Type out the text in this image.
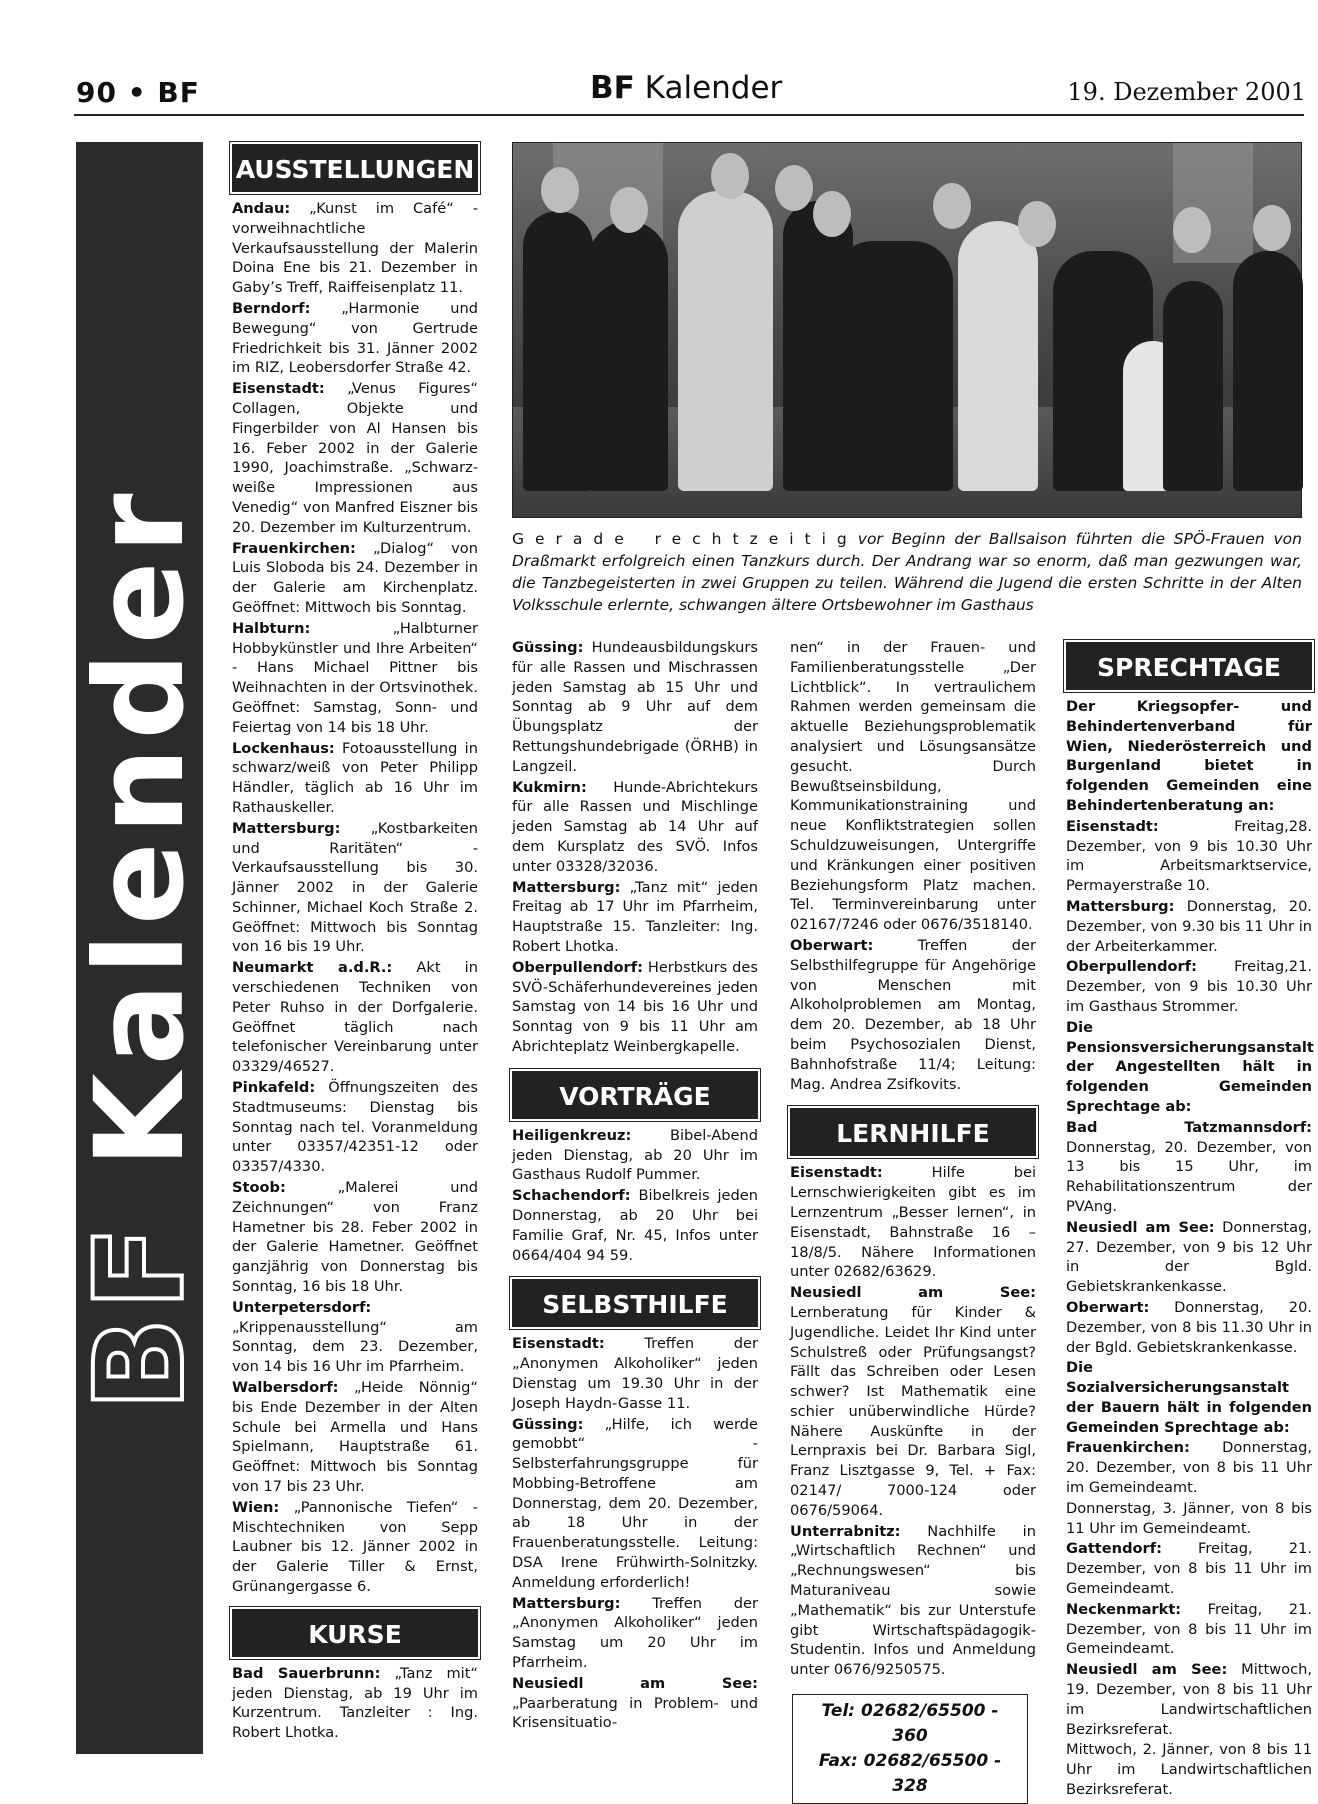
90 • BF	BF Kalender	19. Dezember 2001
BF Kalender
AUSSTELLUNGEN

Andau: „Kunst im Café“ - vorweihnachtliche Verkaufsausstellung der Malerin Doina Ene bis 21. Dezember in Gaby’s Treff, Raiffeisenplatz 11.

Berndorf: „Harmonie und Bewegung“ von Gertrude Friedrichkeit bis 31. Jänner 2002 im RIZ, Leobersdorfer Straße 42.

Eisenstadt: „Venus Figures“ Collagen, Objekte und Fingerbilder von Al Hansen bis 16. Feber 2002 in der Galerie 1990, Joachimstraße. „Schwarz-weiße Impressionen aus Venedig“ von Manfred Eiszner bis 20. Dezember im Kulturzentrum.

Frauenkirchen: „Dialog“ von Luis Sloboda bis 24. Dezember in der Galerie am Kirchenplatz. Geöffnet: Mittwoch bis Sonntag.

Halbturn: „Halbturner Hobbykünstler und Ihre Arbeiten“ - Hans Michael Pittner bis Weihnachten in der Ortsvinothek. Geöffnet: Samstag, Sonn- und Feiertag von 14 bis 18 Uhr.

Lockenhaus: Fotoausstellung in schwarz/weiß von Peter Philipp Händler, täglich ab 16 Uhr im Rathauskeller.

Mattersburg: „Kostbarkeiten und Raritäten“ - Verkaufsausstellung bis 30. Jänner 2002 in der Galerie Schinner, Michael Koch Straße 2. Geöffnet: Mittwoch bis Sonntag von 16 bis 19 Uhr.

Neumarkt a.d.R.: Akt in verschiedenen Techniken von Peter Ruhso in der Dorfgalerie. Geöffnet täglich nach telefonischer Vereinbarung unter 03329/46527.

Pinkafeld: Öffnungszeiten des Stadtmuseums: Dienstag bis Sonntag nach tel. Voranmeldung unter 03357/42351-12 oder 03357/4330.

Stoob: „Malerei und Zeichnungen“ von Franz Hametner bis 28. Feber 2002 in der Galerie Hametner. Geöffnet ganzjährig von Donnerstag bis Sonntag, 16 bis 18 Uhr.

Unterpetersdorf: „Krippenausstellung“ am Sonntag, dem 23. Dezember, von 14 bis 16 Uhr im Pfarrheim.

Walbersdorf: „Heide Nönnig“ bis Ende Dezember in der Alten Schule bei Armella und Hans Spielmann, Hauptstraße 61. Geöffnet: Mittwoch bis Sonntag von 17 bis 23 Uhr.

Wien: „Pannonische Tiefen“ - Mischtechniken von Sepp Laubner bis 12. Jänner 2002 in der Galerie Tiller & Ernst, Grünangergasse 6.

KURSE

Bad Sauerbrunn: „Tanz mit“ jeden Dienstag, ab 19 Uhr im Kurzentrum. Tanzleiter : Ing. Robert Lhotka.

Gerade rechtzeitigvor Beginn der Ballsaison führten die SPÖ-Frauen von Draßmarkt erfolgreich einen Tanzkurs durch. Der Andrang war so enorm, daß man gezwungen war, die Tanzbegeisterten in zwei Gruppen zu teilen. Während die Jugend die ersten Schritte in der Alten Volksschule erlernte, schwangen ältere Ortsbewohner im Gasthaus

Güssing: Hundeausbildungskurs für alle Rassen und Mischrassen jeden Samstag ab 15 Uhr und Sonntag ab 9 Uhr auf dem Übungsplatz der Rettungshundebrigade (ÖRHB) in Langzeil.

Kukmirn: Hunde-Abrichtekurs für alle Rassen und Mischlinge jeden Samstag ab 14 Uhr auf dem Kursplatz des SVÖ. Infos unter 03328/32036.

Mattersburg: „Tanz mit“ jeden Freitag ab 17 Uhr im Pfarrheim, Hauptstraße 15. Tanzleiter: Ing. Robert Lhotka.

Oberpullendorf: Herbstkurs des SVÖ-Schäferhundevereines jeden Samstag von 14 bis 16 Uhr und Sonntag von 9 bis 11 Uhr am Abrichteplatz Weinbergkapelle.

VORTRÄGE

Heiligenkreuz: Bibel-Abend jeden Dienstag, ab 20 Uhr im Gasthaus Rudolf Pummer.

Schachendorf: Bibelkreis jeden Donnerstag, ab 20 Uhr bei Familie Graf, Nr. 45, Infos unter 0664/404 94 59.

SELBSTHILFE

Eisenstadt: Treffen der „Anonymen Alkoholiker“ jeden Dienstag um 19.30 Uhr in der Joseph Haydn-Gasse 11.

Güssing: „Hilfe, ich werde gemobbt“ - Selbsterfahrungsgruppe für Mobbing-Betroffene am Donnerstag, dem 20. Dezember, ab 18 Uhr in der Frauenberatungsstelle. Leitung: DSA Irene Frühwirth-Solnitzky. Anmeldung erforderlich!

Mattersburg: Treffen der „Anonymen Alkoholiker“ jeden Samstag um 20 Uhr im Pfarrheim.

Neusiedl am See: „Paarberatung in Problem- und Krisensituatio-

nen“ in der Frauen- und Familienberatungsstelle „Der Lichtblick“. In vertraulichem Rahmen werden gemeinsam die aktuelle Beziehungsproblematik analysiert und Lösungsansätze gesucht. Durch Bewußtseinsbildung, Kommunikationstraining und neue Konfliktstrategien sollen Schuldzuweisungen, Untergriffe und Kränkungen einer positiven Beziehungsform Platz machen. Tel. Terminvereinbarung unter 02167/7246 oder 0676/3518140.

Oberwart: Treffen der Selbsthilfegruppe für Angehörige von Menschen mit Alkoholproblemen am Montag, dem 20. Dezember, ab 18 Uhr beim Psychosozialen Dienst, Bahnhofstraße 11/4; Leitung: Mag. Andrea Zsifkovits.

LERNHILFE

Eisenstadt: Hilfe bei Lernschwierigkeiten gibt es im Lernzentrum „Besser lernen“, in Eisenstadt, Bahnstraße 16 – 18/8/5. Nähere Informationen unter 02682/63629.

Neusiedl am See: Lernberatung für Kinder & Jugendliche. Leidet Ihr Kind unter Schulstreß oder Prüfungsangst? Fällt das Schreiben oder Lesen schwer? Ist Mathematik eine schier unüberwindliche Hürde? Nähere Auskünfte in der Lernpraxis bei Dr. Barbara Sigl, Franz Lisztgasse 9, Tel. + Fax: 02147/ 7000-124 oder 0676/59064.

Unterrabnitz: Nachhilfe in „Wirtschaftlich Rechnen“ und „Rechnungswesen“ bis Maturaniveau sowie „Mathematik“ bis zur Unterstufe gibt Wirtschaftspädagogik-Studentin. Infos und Anmeldung unter 0676/9250575.

Tel: 02682/65500 - 360
Fax: 02682/65500 - 328
SPRECHTAGE

Der Kriegsopfer- und Behindertenverband für Wien, Niederösterreich und Burgenland bietet in folgenden Gemeinden eine Behindertenberatung an:

Eisenstadt: Freitag,28. Dezember, von 9 bis 10.30 Uhr im Arbeitsmarktservice, Permayerstraße 10.

Mattersburg: Donnerstag, 20. Dezember, von 9.30 bis 11 Uhr in der Arbeiterkammer.

Oberpullendorf: Freitag,21. Dezember, von 9 bis 10.30 Uhr im Gasthaus Strommer.

Die Pensionsversicherungsanstalt der Angestellten hält in folgenden Gemeinden Sprechtage ab:

Bad Tatzmannsdorf: Donnerstag, 20. Dezember, von 13 bis 15 Uhr, im Rehabilitationszentrum der PVAng.

Neusiedl am See: Donnerstag, 27. Dezember, von 9 bis 12 Uhr in der Bgld. Gebietskrankenkasse.

Oberwart: Donnerstag, 20. Dezember, von 8 bis 11.30 Uhr in der Bgld. Gebietskrankenkasse.

Die Sozialversicherungsanstalt der Bauern hält in folgenden Gemeinden Sprechtage ab:

Frauenkirchen: Donnerstag, 20. Dezember, von 8 bis 11 Uhr im Gemeindeamt.

Donnerstag, 3. Jänner, von 8 bis 11 Uhr im Gemeindeamt.

Gattendorf: Freitag, 21. Dezember, von 8 bis 11 Uhr im Gemeindeamt.

Neckenmarkt: Freitag, 21. Dezember, von 8 bis 11 Uhr im Gemeindeamt.

Neusiedl am See: Mittwoch, 19. Dezember, von 8 bis 11 Uhr im Landwirtschaftlichen Bezirksreferat.

Mittwoch, 2. Jänner, von 8 bis 11 Uhr im Landwirtschaftlichen Bezirksreferat.
